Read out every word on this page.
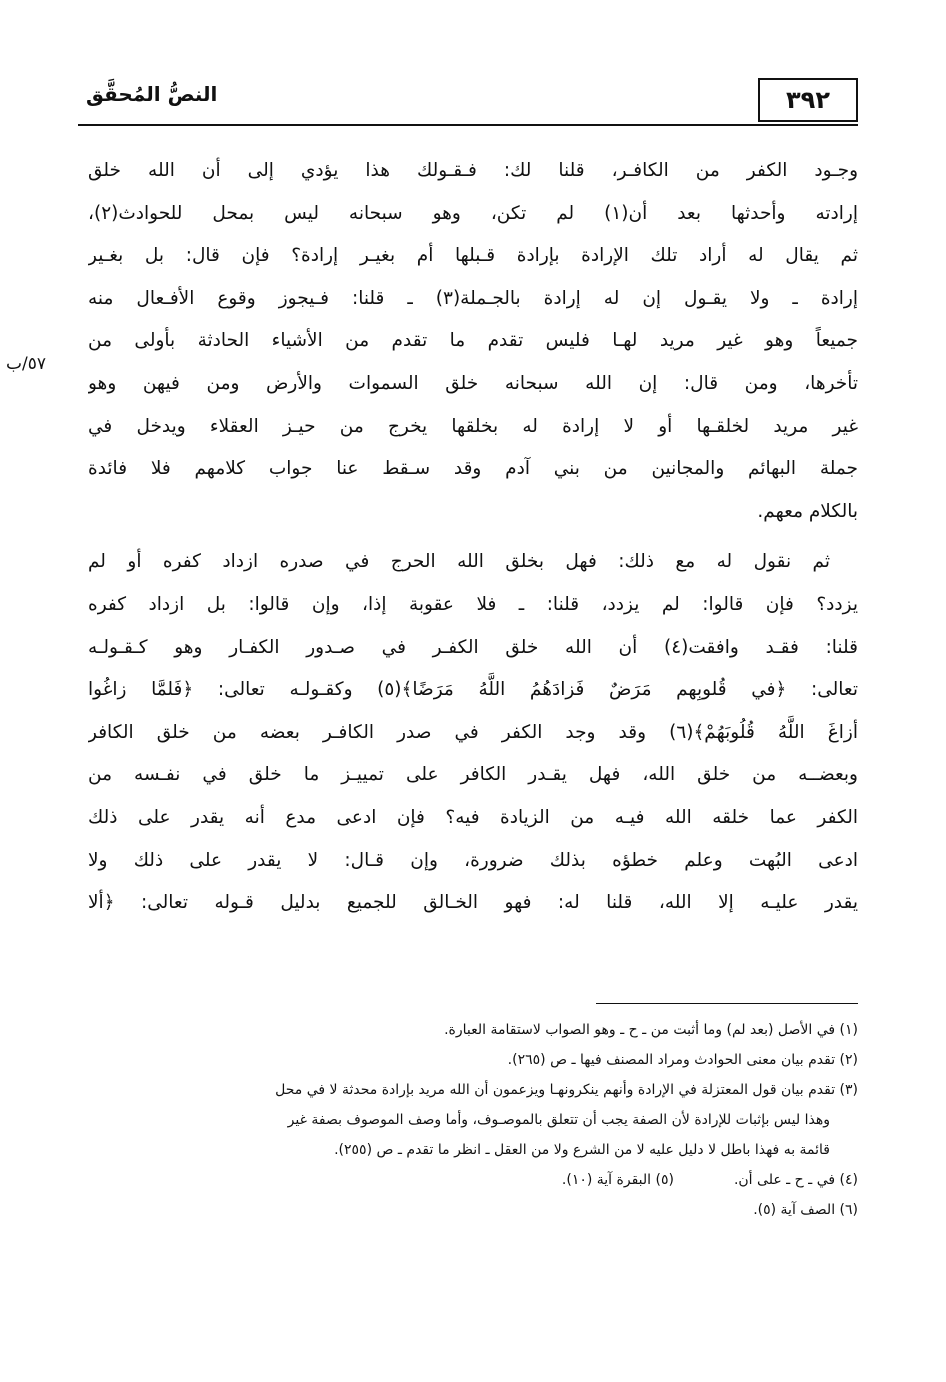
٣٩٢
النصُّ المُحقَّق
٥٧/ب
وجـود الكفر من الكافـر، قلنا لك: فـقـولك هذا يؤدي إلى أن الله خلق
إرادته وأحدثها بعد أن(١) لم تكن، وهو سبحانه ليس بمحل للحوادث(٢)،
ثم يقال له أراد تلك الإرادة بإرادة قـبلها أم بغيـر إرادة؟ فإن قال: بل بغـير
إرادة ـ ولا يقـول إن له إرادة بالجـملة(٣) ـ قلنا: فـيجوز وقوع الأفـعال منه
جميعاً وهو غير مريد لهـا فليس تقدم ما تقدم من الأشياء الحادثة بأولى من
تأخرها، ومن قال: إن الله سبحانه خلق السموات والأرض ومن فيهن وهو
غير مريد لخلقـها أو لا إرادة له بخلقها يخرج من حيـز العقلاء ويدخل في
جملة البهائم والمجانين من بني آدم وقد سـقط عنا جواب كلامهم فلا فائدة
بالكلام معهم.
ثم نقول له مع ذلك: فهل بخلق الله الحرج في صدره ازداد كفره أو لم
يزدد؟ فإن قالوا: لم يزدد، قلنا: ـ فلا عقوبة إذا، وإن قالوا: بل ازداد كفره
قلنا: فقـد وافقت(٤) أن الله خلق الكفـر في صـدور الكفـار وهو كـقـولـه
تعالى: ﴿في قُلوبِهم مَرَضٌ فَزادَهُمُ اللَّهُ مَرَضًا﴾(٥) وكقـولـه تعالى: ﴿فَلمَّا زاغُوا
أزاغَ اللَّهُ قُلُوبَهُمْ﴾(٦) وقد وجد الكفر في صدر الكافـر بعضه من خلق الكافر
وبعضــه من خلق الله، فهل يقـدر الكافر على تمييـز ما خلق في نفـسه من
الكفر عما خلقه الله فيـه من الزيادة فيه؟ فإن ادعى مدع أنه يقدر على ذلك
ادعى البُهت وعلم خطؤه بذلك ضرورة، وإن قـال: لا يقدر على ذلك ولا
يقدر عليـه إلا الله، قلنا له: فهو الخـالق للجميع بدليل قـوله تعالى: ﴿ألا
(١) في الأصل (بعد لم) وما أثبت من ـ ح ـ وهو الصواب لاستقامة العبارة.
(٢) تقدم بيان معنى الحوادث ومراد المصنف فيها ـ ص (٢٦٥).
(٣) تقدم بيان قول المعتزلة في الإرادة وأنهم ينكرونهـا ويزعمون أن الله مريد بإرادة محدثة لا في محل
وهذا ليس بإثبات للإرادة لأن الصفة يجب أن تتعلق بالموصـوف، وأما وصف الموصوف بصفة غير
قائمة به فهذا باطل لا دليل عليه لا من الشرع ولا من العقل ـ انظر ما تقدم ـ ص (٢٥٥).
(٤) في ـ ح ـ على أن.
(٥) البقرة آية (١٠).
(٦) الصف آية (٥).
